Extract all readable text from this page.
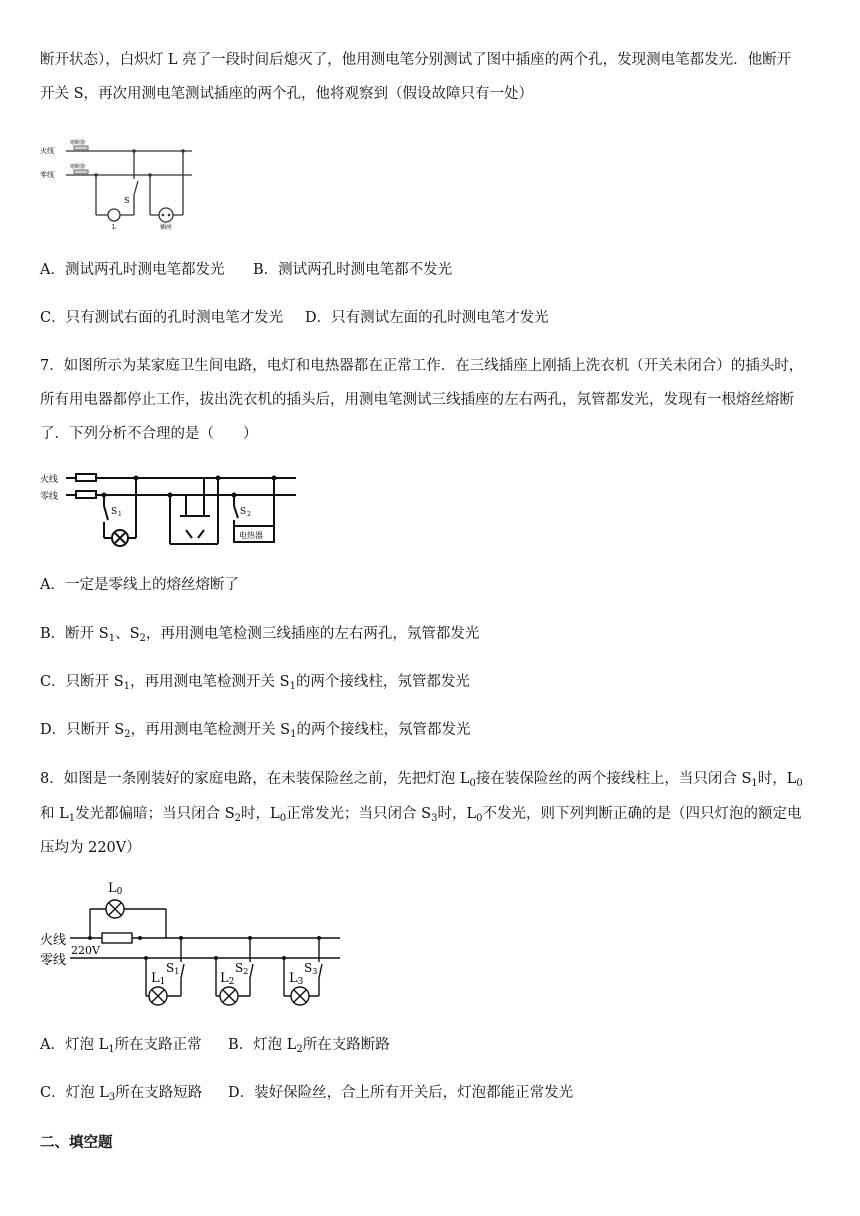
断开状态），白炽灯 L 亮了一段时间后熄灭了，他用测电笔分别测试了图中插座的两个孔，发现测电笔都发光．他断开
开关 S，再次用测电笔测试插座的两个孔，他将观察到（假设故障只有一处）
火线
零线
熔断器
熔断器
S
L	插座
A．测试两孔时测电笔都发光 B．测试两孔时测电笔都不发光
C．只有测试右面的孔时测电笔才发光 D．只有测试左面的孔时测电笔才发光
7．如图所示为某家庭卫生间电路，电灯和电热器都在正常工作．在三线插座上刚插上洗衣机（开关未闭合）的插头时，
所有用电器都停止工作，拔出洗衣机的插头后，用测电笔测试三线插座的左右两孔，氖管都发光，发现有一根熔丝熔断
了．下列分析不合理的是（　　）
火线
零线
S 1	S 2
电热器
A．一定是零线上的熔丝熔断了
B．断开 $S_1$、$S_2$，再用测电笔检测三线插座的左右两孔，氖管都发光
C．只断开 $S_1$，再用测电笔检测开关 $S_1$的两个接线柱，氖管都发光
D．只断开 $S_2$，再用测电笔检测开关 $S_1$的两个接线柱，氖管都发光
8．如图是一条刚装好的家庭电路，在未装保险丝之前，先把灯泡 $L_0$接在装保险丝的两个接线柱上，当只闭合 $S_1$时，$L_0$
和 $L_1$发光都偏暗；当只闭合 $S_2$时，$L_0$正常发光；当只闭合 $S_3$时，$L_0$不发光，则下列判断正确的是（四只灯泡的额定电
压均为 220V）
火线
零线
220V
L0
L1	L2	L3
S1	S2	S3
A．灯泡 $L_1$所在支路正常 B．灯泡 $L_2$所在支路断路
C．灯泡 $L_3$所在支路短路 D．装好保险丝，合上所有开关后，灯泡都能正常发光
二、填空题
